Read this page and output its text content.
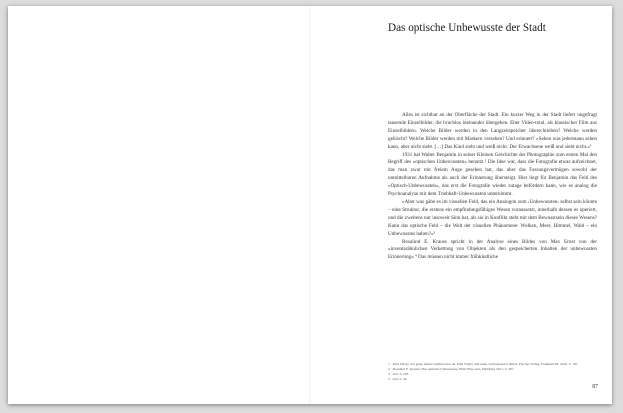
Das optische Unbewusste der Stadt

Alles ist sichtbar an der Oberfläche der Stadt. Ein kurzer Weg in der Stadt liefert ungefragt tausende Einzelbilder, die bruchlos ineinander übergehen. Eher Video-total, als klassischer Film aus Einzelbildern. Welche Bilder werden in den Langzeitspeicher überschrieben? Welche werden gelöscht? Welche Bilder werden mit Markern versehen? Und erinnert? »Sehen was jedermann sehen kann, aber nicht sieht. […] Das Kind sieht und weiß nicht. Der Erwachsene weiß und sieht nicht.«¹

1931 hat Walter Benjamin in seiner Kleinen Geschichte der Photographie zum ersten Mal den Begriff des »optischen Unbewussten« benutzt.² Die Idee war, dass die Fotografie etwas aufzeichnet, das man zwar mit freiem Auge gesehen hat, das aber das Fassungsvermögen sowohl der unmittelbaren Aufnahme als auch der Erinnerung übersteigt. Hier liegt für Benjamin das Feld des »Optisch-Unbewussten«, das erst die Fotografie wieder zutage befördern kann, wie es analog die Psychoanalyse mit dem Triebhaft-Unbewussten unternimmt.

»Aber was gäbe es im visuellen Feld, das ein Analogon zum ›Unbewussten‹ selbst sein könnte – eine Struktur, die erstens ein empfindungsfähiges Wesen voraussetzt, innerhalb dessen es operiert, und die zweitens nur insoweit Sinn hat, als sie in Konflikt steht mit dem Bewusstsein dieses Wesens? Kann das optische Feld – die Welt der visuellen Phänomene: Wolken, Meer, Himmel, Wald – ein Unbewusstes haben?«³

Rosalind E. Krauss spricht in der Analyse eines Bildes von Max Ernst von der »inventarähnlichen Verkettung von Objekten als den gespeicherten Inhalten der unbewussten Erinnerung«.⁴ Das müssen nicht immer frühkindliche

1 · Paul Valéry, Ich grase meine Gehirnwiese ab. Paul Valéry und seine verborgenen Cahiers, Fischer Verlag, Frankfurt/M. 2016, S. 191

2 · Rosalind E. Krauss: Das optische Unbewusste, Philo Fine Arts, Hamburg 2011, S. 201

3 · ebd. S. 203

4 · ebd. S. 94

87
